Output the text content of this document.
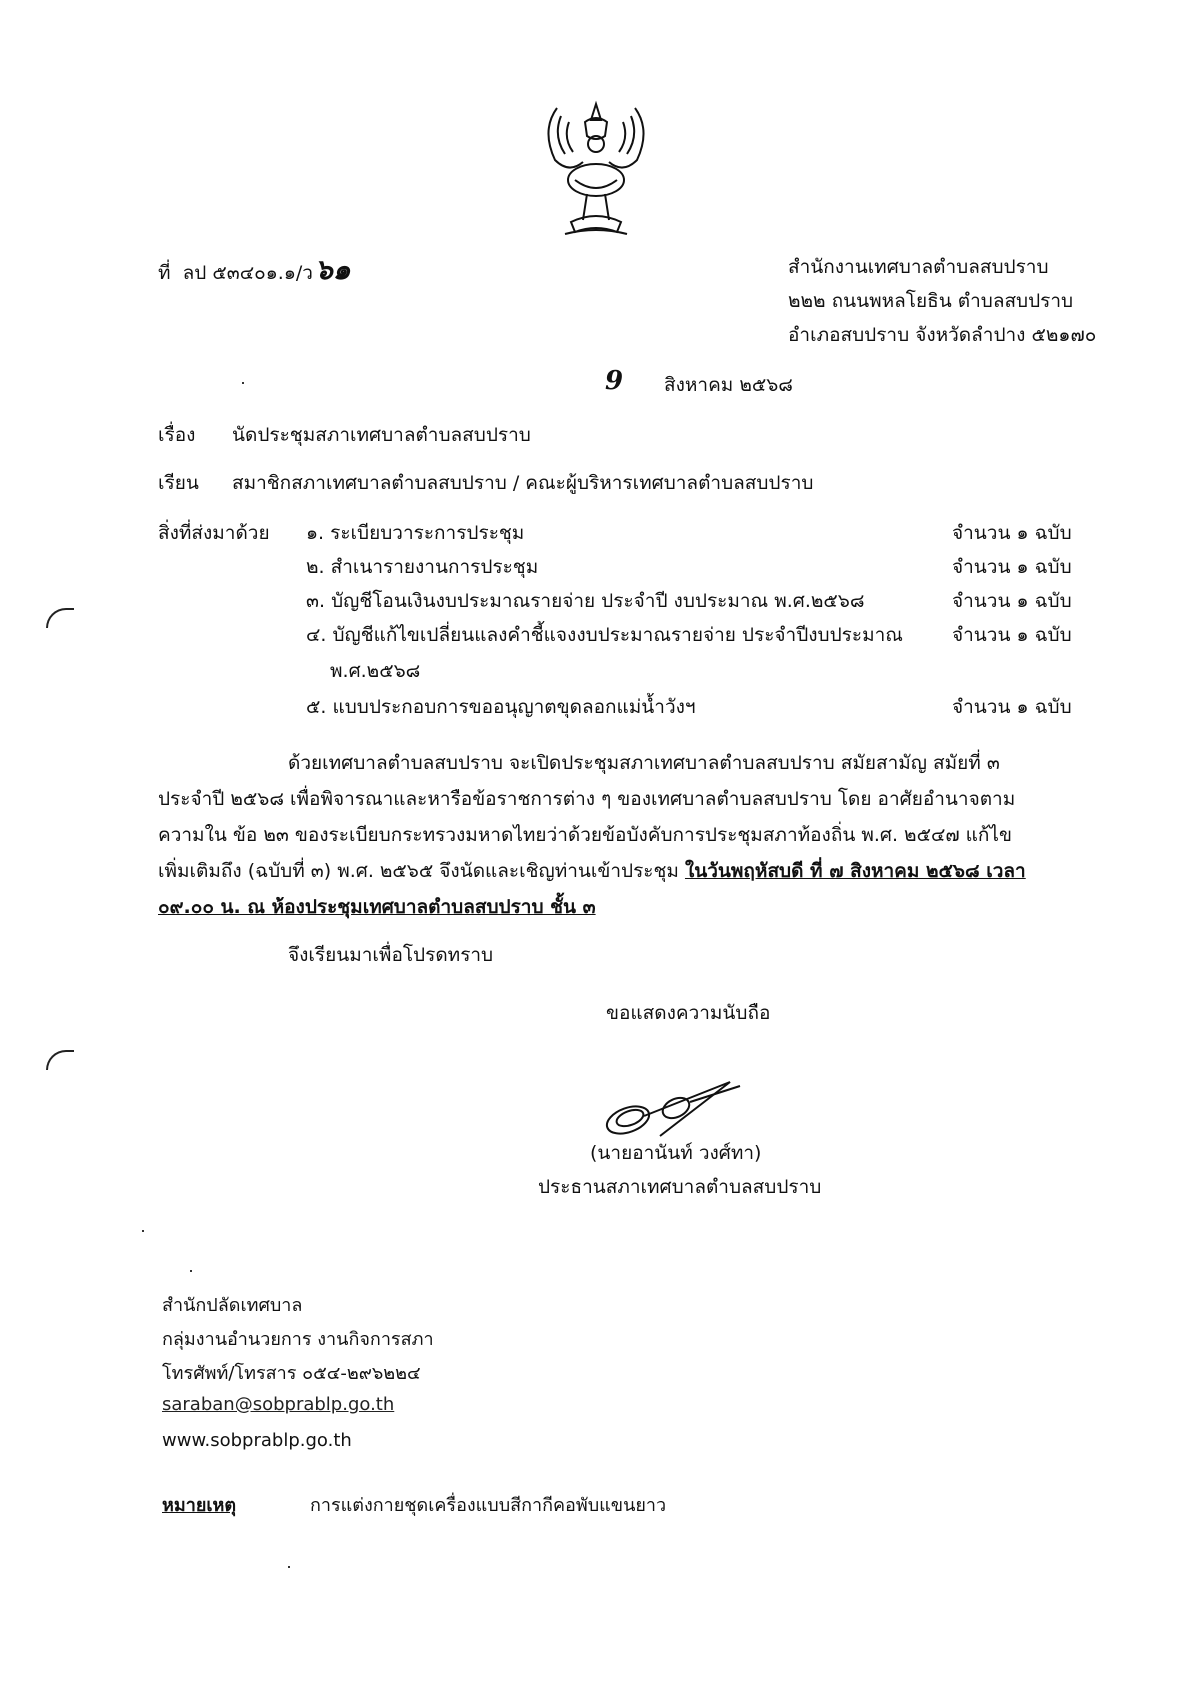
ที่ ลป ๕๓๔๐๑.๑/ว๖๑	สำนักงานเทศบาลตำบลสบปราบ
๒๒๒ ถนนพหลโยธิน ตำบลสบปราบ
อำเภอสบปราบ จังหวัดลำปาง ๕๒๑๗๐
9 สิงหาคม ๒๕๖๘
เรื่อง นัดประชุมสภาเทศบาลตำบลสบปราบ
เรียน สมาชิกสภาเทศบาลตำบลสบปราบ / คณะผู้บริหารเทศบาลตำบลสบปราบ
สิ่งที่ส่งมาด้วย ๑. ระเบียบวาระการประชุม	จำนวน ๑ ฉบับ
๒. สำเนารายงานการประชุม	จำนวน ๑ ฉบับ
๓. บัญชีโอนเงินงบประมาณรายจ่าย ประจำปี งบประมาณ พ.ศ.๒๕๖๘	จำนวน ๑ ฉบับ
๔. บัญชีแก้ไขเปลี่ยนแลงคำชี้แจงงบประมาณรายจ่าย ประจำปีงบประมาณ	จำนวน ๑ ฉบับ
พ.ศ.๒๕๖๘
๕. แบบประกอบการขออนุญาตขุดลอกแม่น้ำวังฯ	จำนวน ๑ ฉบับ
ด้วยเทศบาลตำบลสบปราบ จะเปิดประชุมสภาเทศบาลตำบลสบปราบ สมัยสามัญ สมัยที่ ๓
ประจำปี ๒๕๖๘ เพื่อพิจารณาและหารือข้อราชการต่าง ๆ ของเทศบาลตำบลสบปราบ โดย อาศัยอำนาจตาม
ความใน ข้อ ๒๓ ของระเบียบกระทรวงมหาดไทยว่าด้วยข้อบังคับการประชุมสภาท้องถิ่น พ.ศ. ๒๕๔๗ แก้ไข
เพิ่มเติมถึง (ฉบับที่ ๓) พ.ศ. ๒๕๖๕ จึงนัดและเชิญท่านเข้าประชุม ในวันพฤหัสบดี ที่ ๗ สิงหาคม ๒๕๖๘ เวลา
๐๙.๐๐ น. ณ ห้องประชุมเทศบาลตำบลสบปราบ ชั้น ๓
จึงเรียนมาเพื่อโปรดทราบ
ขอแสดงความนับถือ
(นายอานันท์ วงศ์ทา)
ประธานสภาเทศบาลตำบลสบปราบ
สำนักปลัดเทศบาล
กลุ่มงานอำนวยการ งานกิจการสภา
โทรศัพท์/โทรสาร ๐๕๔-๒๙๖๒๒๔
saraban@sobprablp.go.th
www.sobprablp.go.th
หมายเหตุ	การแต่งกายชุดเครื่องแบบสีกากีคอพับแขนยาว
